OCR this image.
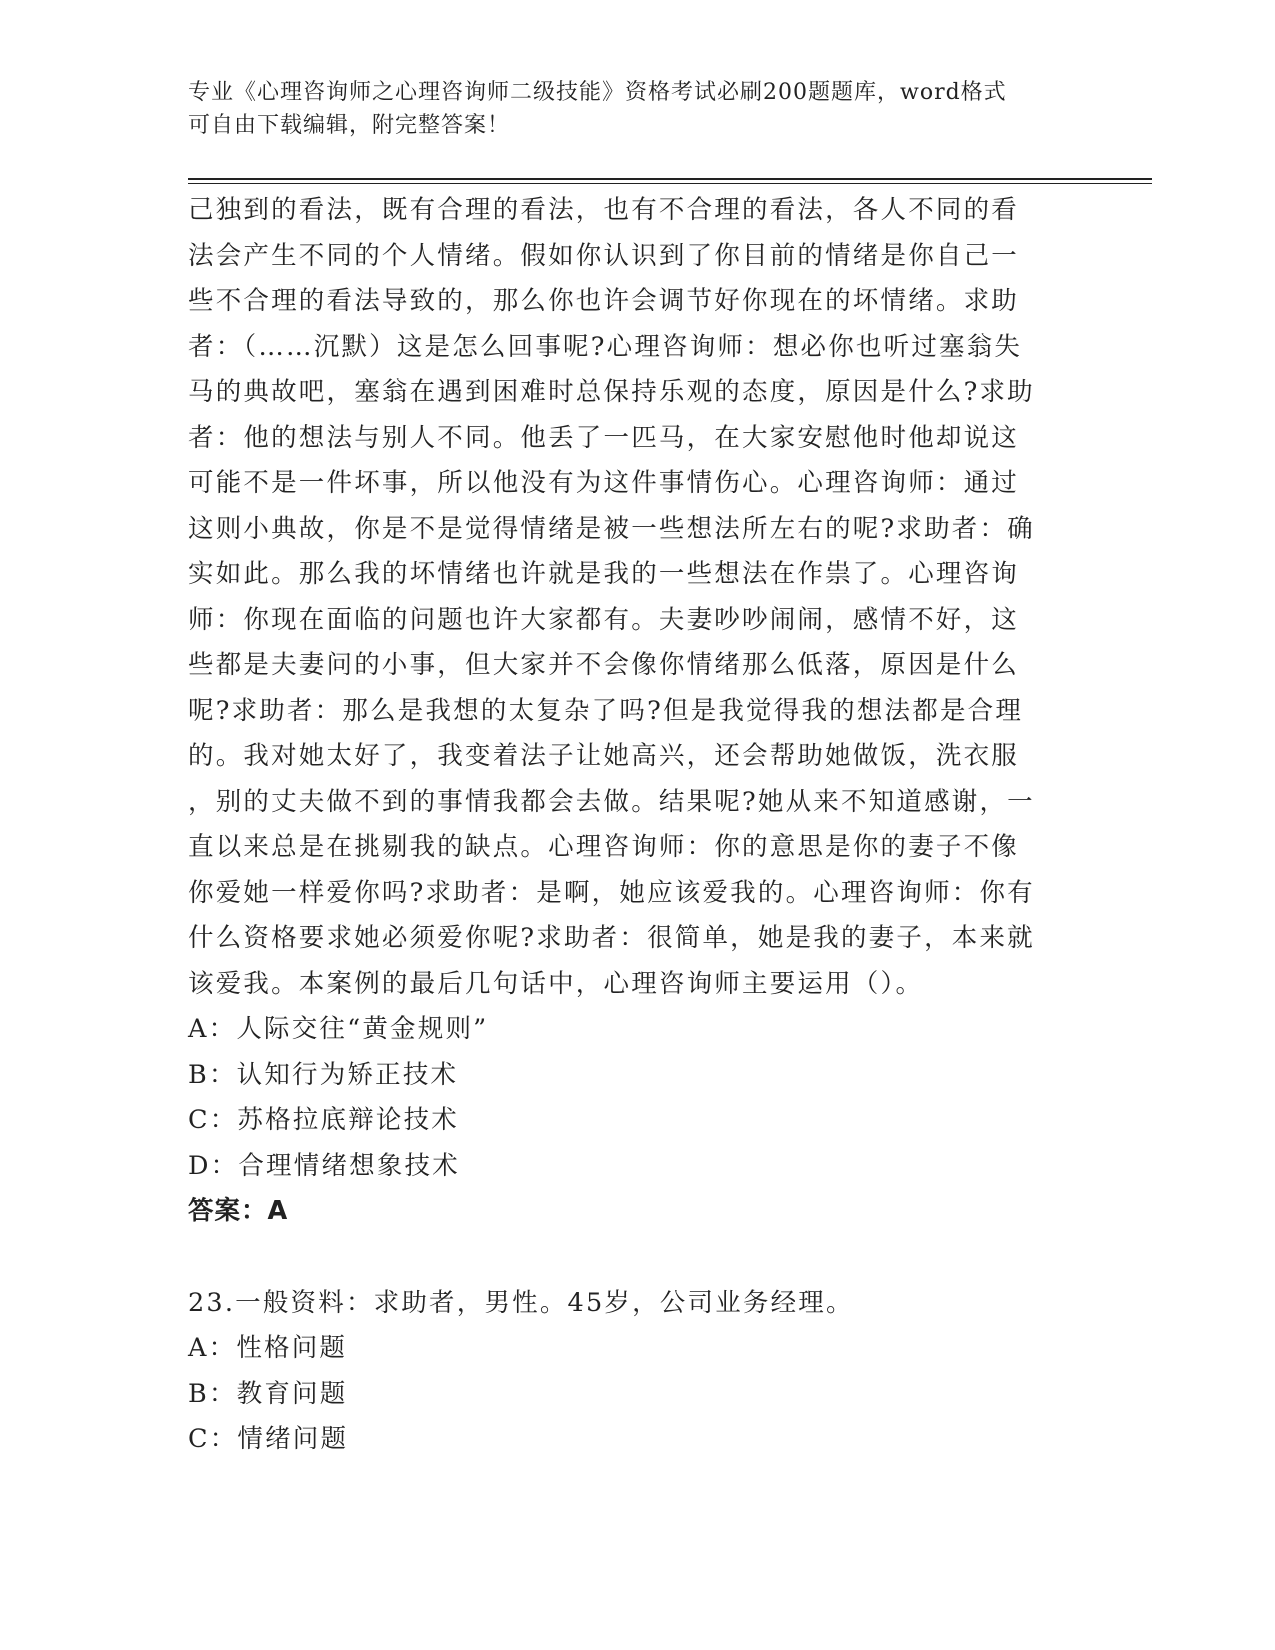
专业《心理咨询师之心理咨询师二级技能》资格考试必刷200题题库，word格式
可自由下载编辑，附完整答案！
己独到的看法，既有合理的看法，也有不合理的看法，各人不同的看
法会产生不同的个人情绪。假如你认识到了你目前的情绪是你自己一
些不合理的看法导致的，那么你也许会调节好你现在的坏情绪。求助
者：（……沉默）这是怎么回事呢?心理咨询师：想必你也听过塞翁失
马的典故吧，塞翁在遇到困难时总保持乐观的态度，原因是什么?求助
者：他的想法与别人不同。他丢了一匹马，在大家安慰他时他却说这
可能不是一件坏事，所以他没有为这件事情伤心。心理咨询师：通过
这则小典故，你是不是觉得情绪是被一些想法所左右的呢?求助者：确
实如此。那么我的坏情绪也许就是我的一些想法在作祟了。心理咨询
师：你现在面临的问题也许大家都有。夫妻吵吵闹闹，感情不好，这
些都是夫妻问的小事，但大家并不会像你情绪那么低落，原因是什么
呢?求助者：那么是我想的太复杂了吗?但是我觉得我的想法都是合理
的。我对她太好了，我变着法子让她高兴，还会帮助她做饭，洗衣服
，别的丈夫做不到的事情我都会去做。结果呢?她从来不知道感谢，一
直以来总是在挑剔我的缺点。心理咨询师：你的意思是你的妻子不像
你爱她一样爱你吗?求助者：是啊，她应该爱我的。心理咨询师：你有
什么资格要求她必须爱你呢?求助者：很简单，她是我的妻子，本来就
该爱我。本案例的最后几句话中，心理咨询师主要运用（）。
A：人际交往“黄金规则”
B：认知行为矫正技术
C：苏格拉底辩论技术
D：合理情绪想象技术
答案：A
23.一般资料：求助者，男性。45岁，公司业务经理。
A：性格问题
B：教育问题
C：情绪问题
